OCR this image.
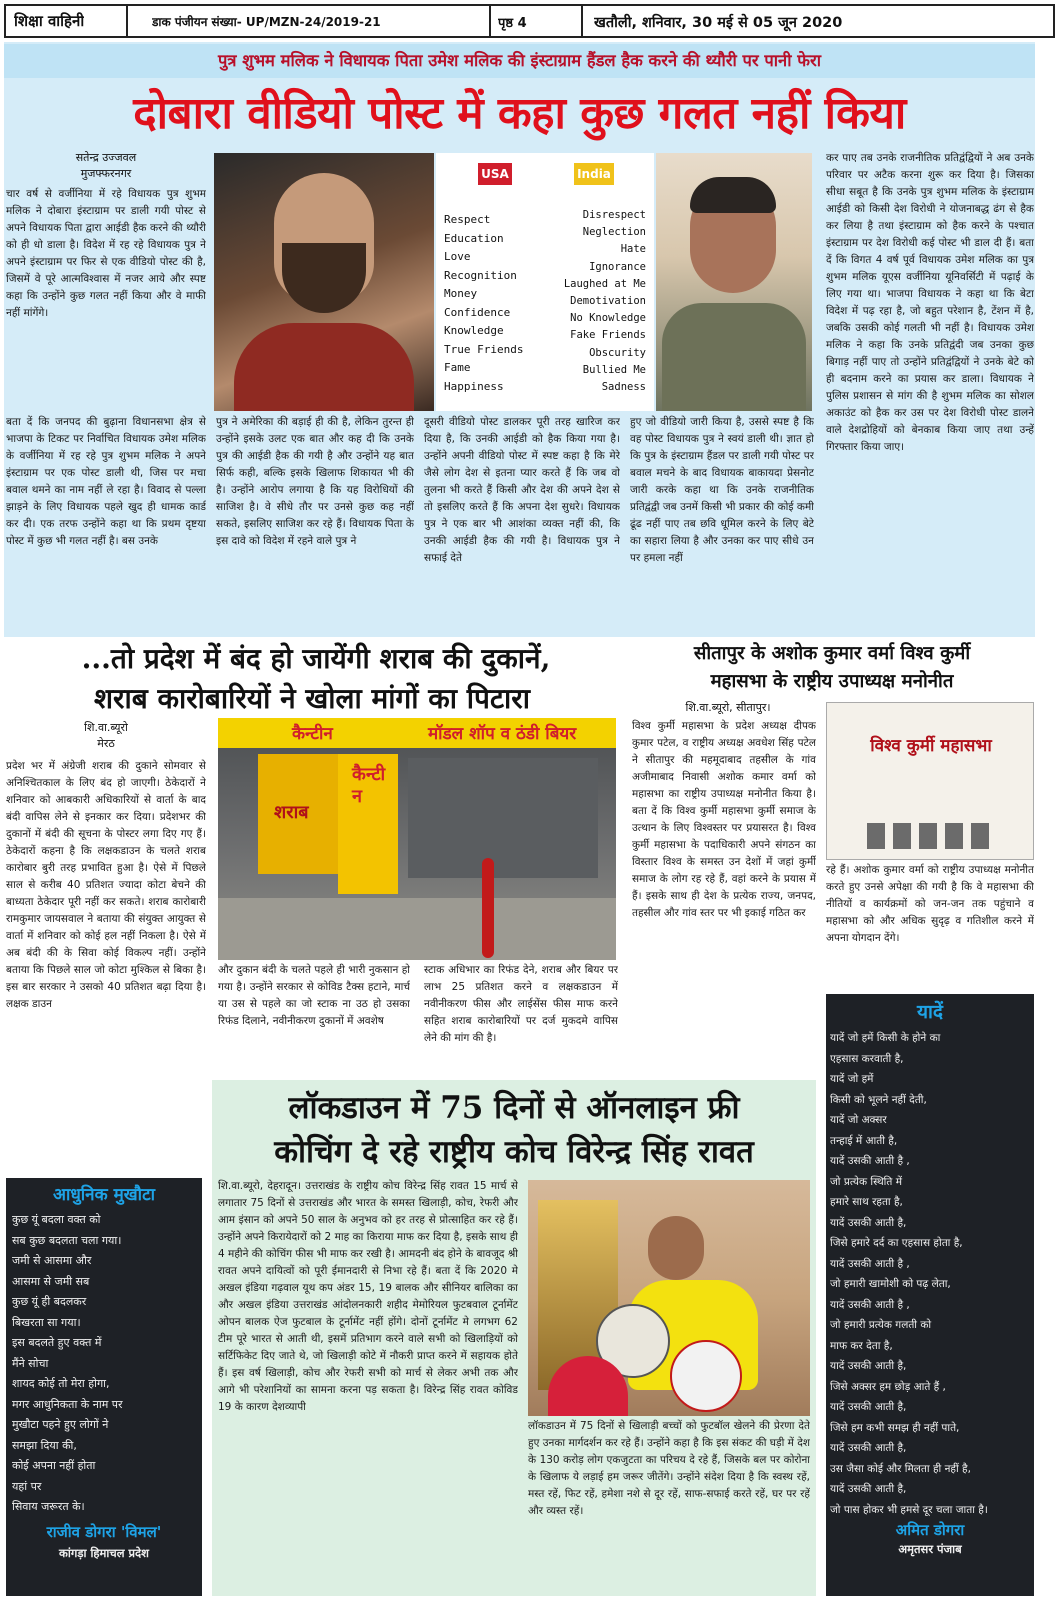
शिक्षा वाहिनी	डाक पंजीयन संख्या- UP/MZN-24/2019-21	पृष्ठ 4	खतौली, शनिवार, 30 मई से 05 जून 2020
पुत्र शुभम मलिक ने विधायक पिता उमेश मलिक की इंस्टाग्राम हैंडल हैक करने की थ्यौरी पर पानी फेरा
दोबारा वीडियो पोस्ट में कहा कुछ गलत नहीं किया
सतेन्द्र उज्जवल
मुजफ्फरनगर
चार वर्ष से वर्जीनिया में रहे विधायक पुत्र शुभम मलिक ने दोबारा इंस्टाग्राम पर डाली गयी पोस्ट से अपने विधायक पिता द्वारा आईडी हैक करने की थ्यौरी को ही धो डाला है। विदेश में रह रहे विधायक पुत्र ने अपने इंस्टाग्राम पर फिर से एक वीडियो पोस्ट की है, जिसमें वे पूरे आत्मविश्वास में नजर आये और स्पष्ट कहा कि उन्होंने कुछ गलत नहीं किया और वे माफी नहीं मांगेंगे।
USA	India
Respect
Education
Love
Recognition
Money
Confidence
Knowledge
True Friends
Fame
Happiness
Disrespect
Neglection
Hate
Ignorance
Laughed at Me
Demotivation
No Knowledge
Fake Friends
Obscurity
Bullied Me
Sadness
बता दें कि जनपद की बुढ़ाना विधानसभा क्षेत्र से भाजपा के टिकट पर निर्वाचित विधायक उमेश मलिक के वर्जीनिया में रह रहे पुत्र शुभम मलिक ने अपने इंस्टाग्राम पर एक पोस्ट डाली थी, जिस पर मचा बवाल थमने का नाम नहीं ले रहा है। विवाद से पल्ला झाड़ने के लिए विधायक पहले खुद ही धामक कार्ड कर दी। एक तरफ उन्होंने कहा था कि प्रथम दृष्टया पोस्ट में कुछ भी गलत नहीं है। बस उनके
पुत्र ने अमेरिका की बड़ाई ही की है, लेकिन तुरन्त ही उन्होंने इसके उलट एक बात और कह दी कि उनके पुत्र की आईडी हैक की गयी है और उन्होंने यह बात सिर्फ कही, बल्कि इसके खिलाफ शिकायत भी की है। उन्होंने आरोप लगाया है कि यह विरोधियों की साजिश है। वे सीधे तौर पर उनसे कुछ कह नहीं सकते, इसलिए साजिश कर रहे हैं। विधायक पिता के इस दावे को विदेश में रहने वाले पुत्र ने
दूसरी वीडियो पोस्ट डालकर पूरी तरह खारिज कर दिया है, कि उनकी आईडी को हैक किया गया है। उन्होंने अपनी वीडियो पोस्ट में स्पष्ट कहा है कि मेरे जैसे लोग देश से इतना प्यार करते हैं कि जब वो तुलना भी करते हैं किसी और देश की अपने देश से तो इसलिए करते हैं कि अपना देश सुधरे। विधायक पुत्र ने एक बार भी आशंका व्यक्त नहीं की, कि उनकी आईडी हैक की गयी है। विधायक पुत्र ने सफाई देते
हुए जो वीडियो जारी किया है, उससे स्पष्ट है कि वह पोस्ट विधायक पुत्र ने स्वयं डाली थी। ज्ञात हो कि पुत्र के इंस्टाग्राम हैंडल पर डाली गयी पोस्ट पर बवाल मचने के बाद विधायक बाकायदा प्रेसनोट जारी करके कहा था कि उनके राजनीतिक प्रतिद्वंद्वी जब उनमें किसी भी प्रकार की कोई कमी ढूंढ नहीं पाए तब छवि धूमिल करने के लिए बेटे का सहारा लिया है और उनका कर पाए सीधे उन पर हमला नहीं
कर पाए तब उनके राजनीतिक प्रतिद्वंद्वियों ने अब उनके परिवार पर अटैक करना शुरू कर दिया है। जिसका सीधा सबूत है कि उनके पुत्र शुभम मलिक के इंस्टाग्राम आईडी को किसी देश विरोधी ने योजनाबद्ध ढंग से हैक कर लिया है तथा इंस्टाग्राम को हैक करने के पश्चात इंस्टाग्राम पर देश विरोधी कई पोस्ट भी डाल दी हैं। बता दें कि विगत 4 वर्ष पूर्व विधायक उमेश मलिक का पुत्र शुभम मलिक यूएस वर्जीनिया यूनिवर्सिटी में पढ़ाई के लिए गया था। भाजपा विधायक ने कहा था कि बेटा विदेश में पढ़ रहा है, जो बहुत परेशान है, टेंशन में है, जबकि उसकी कोई गलती भी नहीं है। विधायक उमेश मलिक ने कहा कि उनके प्रतिद्वंदी जब उनका कुछ बिगाड़ नहीं पाए तो उन्होंने प्रतिद्वंद्वियों ने उनके बेटे को ही बदनाम करने का प्रयास कर डाला। विधायक ने पुलिस प्रशासन से मांग की है शुभम मलिक का सोशल अकाउंट को हैक कर उस पर देश विरोधी पोस्ट डालने वाले देशद्रोहियों को बेनकाब किया जाए तथा उन्हें गिरफ्तार किया जाए।
...तो प्रदेश में बंद हो जायेंगी शराब की दुकानें,
शराब कारोबारियों ने खोला मांगों का पिटारा
शि.वा.ब्यूरो
मेरठ
प्रदेश भर में अंग्रेजी शराब की दुकाने सोमवार से अनिश्चितकाल के लिए बंद हो जाएगी। ठेकेदारों ने शनिवार को आबकारी अधिकारियों से वार्ता के बाद बंदी वापिस लेने से इनकार कर दिया। प्रदेशभर की दुकानों में बंदी की सूचना के पोस्टर लगा दिए गए हैं। ठेकेदारों कहना है कि लक्षकडाउन के चलते शराब कारोबार बुरी तरह प्रभावित हुआ है। ऐसे में पिछले साल से करीब 40 प्रतिशत ज्यादा कोटा बेचने की बाध्यता ठेकेदार पूरी नहीं कर सकते। शराब कारोबारी रामकुमार जायसवाल ने बताया की संयुक्त आयुक्त से वार्ता में शनिवार को कोई हल नहीं निकला है। ऐसे में अब बंदी की के सिवा कोई विकल्प नहीं। उन्होंने बताया कि पिछले साल जो कोटा मुश्किल से बिका है। इस बार सरकार ने उसको 40 प्रतिशत बढ़ा दिया है। लक्षक डाउन
कैन्टीन	मॉडल शॉप व ठंडी बियर
शराब
कैन्टीन
और दुकान बंदी के चलते पहले ही भारी नुकसान हो गया है। उन्होंने सरकार से कोविड टैक्स हटाने, मार्च या उस से पहले का जो स्टाक ना उठ हो उसका रिफंड दिलाने, नवीनीकरण दुकानों में अवशेष
स्टाक अधिभार का रिफंड देने, शराब और बियर पर लाभ 25 प्रतिशत करने व लक्षकडाउन में नवीनीकरण फीस और लाईसेंस फीस माफ करने सहित शराब कारोबारियों पर दर्ज मुकदमे वापिस लेने की मांग की है।
सीतापुर के अशोक कुमार वर्मा विश्व कुर्मी
महासभा के राष्ट्रीय उपाध्यक्ष मनोनीत
शि.वा.ब्यूरो, सीतापुर।
विश्व कुर्मी महासभा के प्रदेश अध्यक्ष दीपक कुमार पटेल, व राष्ट्रीय अध्यक्ष अवधेश सिंह पटेल ने सीतापुर की महमूदाबाद तहसील के गांव अजीमाबाद निवासी अशोक कमार वर्मा को महासभा का राष्ट्रीय उपाध्यक्ष मनोनीत किया है। बता दें कि विश्व कुर्मी महासभा कुर्मी समाज के उत्थान के लिए विश्वस्तर पर प्रयासरत है। विश्व कुर्मी महासभा के पदाधिकारी अपने संगठन का विस्तार विश्व के समस्त उन देशों में जहां कुर्मी समाज के लोग रह रहे हैं, वहां करने के प्रयास में हैं। इसके साथ ही देश के प्रत्येक राज्य, जनपद, तहसील और गांव स्तर पर भी इकाई गठित कर
विश्व कुर्मी महासभा
रहे हैं। अशोक कुमार वर्मा को राष्ट्रीय उपाध्यक्ष मनोनीत करते हुए उनसे अपेक्षा की गयी है कि वे महासभा की नीतियों व कार्यक्रमों को जन-जन तक पहुंचाने व महासभा को और अधिक सुदृढ़ व गतिशील करने में अपना योगदान देंगे।
लॉकडाउन में 75 दिनों से ऑनलाइन फ्री
कोचिंग दे रहे राष्ट्रीय कोच विरेन्द्र सिंह रावत
शि.वा.ब्यूरो, देहरादून। उत्तराखंड के राष्ट्रीय कोच विरेन्द्र सिंह रावत 15 मार्च से लगातार 75 दिनों से उत्तराखंड और भारत के समस्त खिलाड़ी, कोच, रेफरी और आम इंसान को अपने 50 साल के अनुभव को हर तरह से प्रोत्साहित कर रहे हैं। उन्होंने अपने किरायेदारों को 2 माह का किराया माफ कर दिया है, इसके साथ ही 4 महीने की कोचिंग फीस भी माफ कर रखी है। आमदनी बंद होने के बावजूद श्री रावत अपने दायित्वों को पूरी ईमानदारी से निभा रहे हैं। बता दें कि 2020 मे अखल इंडिया गढ़वाल यूथ कप अंडर 15, 19 बालक और सीनियर बालिका का और अखल इंडिया उत्तराखंड आंदोलनकारी शहीद मेमोरियल फुटबवाल टूर्नामेंट ओपन बालक ऐज फुटबाल के टूर्नामेंट नहीं होंगे। दोनों टूर्नामेंट मे लगभग 62 टीम पूरे भारत से आती थी, इसमें प्रतिभाग करने वाले सभी को खिलाड़ियों को सर्टिफिकेट दिए जाते थे, जो खिलाड़ी कोटे में नौकरी प्राप्त करने में सहायक होते हैं। इस वर्ष खिलाड़ी, कोच और रेफरी सभी को मार्च से लेकर अभी तक और आगे भी परेशानियों का सामना करना पड़ सकता है। विरेन्द्र सिंह रावत कोविड 19 के कारण देशव्यापी
लॉकडाउन में 75 दिनों से खिलाड़ी बच्चों को फुटबॉल खेलने की प्रेरणा देते हुए उनका मार्गदर्शन कर रहे हैं। उन्होंने कहा है कि इस संकट की घड़ी में देश के 130 करोड़ लोग एकजुटता का परिचय दे रहे हैं, जिसके बल पर कोरोना के खिलाफ ये लड़ाई हम जरूर जीतेंगे। उन्होंने संदेश दिया है कि स्वस्थ रहें, मस्त रहें, फिट रहें, हमेशा नशे से दूर रहें, साफ-सफाई करते रहें, घर पर रहें और व्यस्त रहें।
आधुनिक मुखौटा
कुछ यूं बदला वक्त को
सब कुछ बदलता चला गया।
जमी से आसमा और
आसमा से जमी सब
कुछ यूं ही बदलकर
बिखरता सा गया।
इस बदलते हुए वक्त में
मैंने सोचा
शायद कोई तो मेरा होगा,
मगर आधुनिकता के नाम पर
मुखौटा पहने हुए लोगों ने
समझा दिया की,
कोई अपना नहीं होता
यहां पर
सिवाय जरूरत के।
राजीव डोगरा 'विमल'
कांगड़ा हिमाचल प्रदेश
यादें
यादें जो हमें किसी के होने का
एहसास करवाती है,
यादें जो हमें
किसी को भूलने नहीं देती,
यादें जो अक्सर
तन्हाई में आती है,
यादें उसकी आती है ,
जो प्रत्येक स्थिति में
हमारे साथ रहता है,
यादें उसकी आती है,
जिसे हमारे दर्द का एहसास होता है,
यादें उसकी आती है ,
जो हमारी खामोशी को पढ़ लेता,
यादें उसकी आती है ,
जो हमारी प्रत्येक गलती को
माफ कर देता है,
यादें उसकी आती है,
जिसे अक्सर हम छोड़ आते हैं ,
यादें उसकी आती है,
जिसे हम कभी समझ ही नहीं पाते,
यादें उसकी आती है,
उस जैसा कोई और मिलता ही नहीं है,
यादें उसकी आती है,
जो पास होकर भी हमसे दूर चला जाता है।
अमित डोगरा
अमृतसर पंजाब
